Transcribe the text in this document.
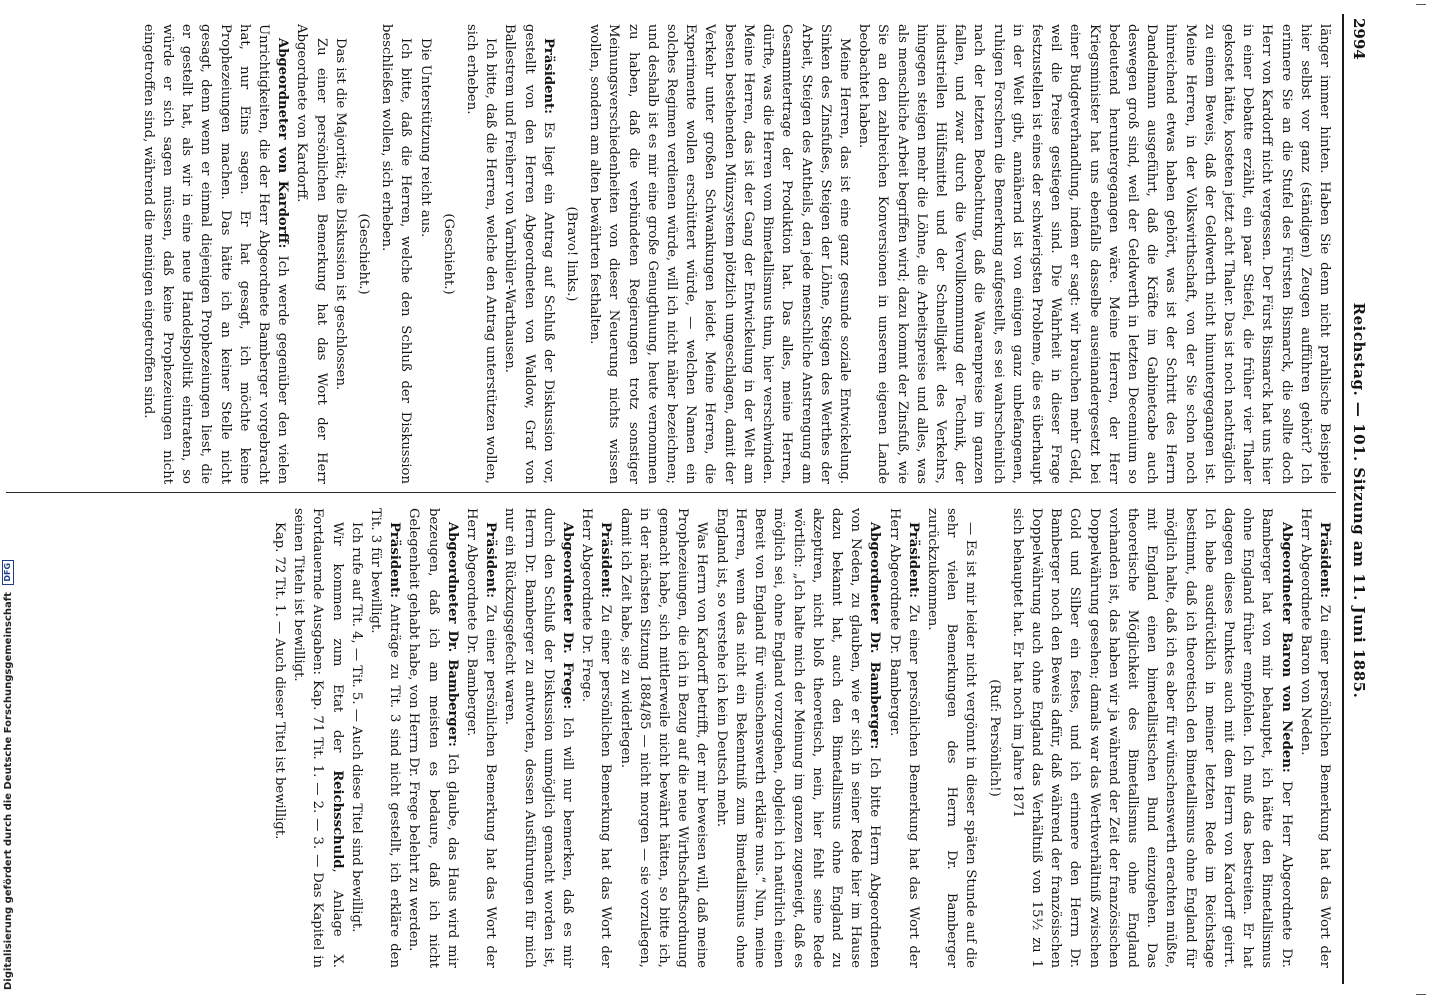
2994
Reichstag. — 101. Sitzung am 11. Juni 1885.

länger immer hinten. Haben Sie denn nicht prahlische Beispiele hier selbst vor ganz (ständigen) Zeugen aufführen gehört? Ich erinnere Sie an die Stufel des Fürsten Bismarck, die sollte doch Herr von Kardorff nicht vergessen. Der Fürst Bismarck hat uns hier in einer Debatte erzählt, ein paar Stiefel, die früher vier Thaler gekostet hätte, kosteten jetzt acht Thaler. Das ist noch nachträglich zu einem Beweis, daß der Geldwerth nicht hinuntergegangen ist. Meine Herren, in der Volkswirthschaft, von der Sie schon noch hinreichend etwas haben gehört, was ist der Schritt des Herrn Dandelmann ausgeführt, daß die Kräfte im Gabinetcabe auch deswegen groß sind, weil der Geldwerth in letzten Decennium so bedeutend heruntergegangen wäre. Meine Herren, der Herr Kriegsminister hat uns ebenfalls dasselbe auseinandergesetzt bei einer Budgetverhandlung, indem er sagt: wir brauchen mehr Geld, weil die Preise gestiegen sind. Die Wahrheit in dieser Frage festzustellen ist eines der schwierigsten Probleme, die es überhaupt in der Welt gibt, annähernd ist von einigen ganz unbefangenen, ruhigen Forschern die Bemerkung aufgestellt, es sei wahrscheinlich nach der letzten Beobachtung, daß die Waarenpreise im ganzen fallen, und zwar durch die Vervollkommnung der Technik, der industriellen Hülfsmittel und der Schnelligkeit des Verkehrs, hingegen steigen mehr die Löhne, die Arbeitspreise und alles, was als menschliche Arbeit begriffen wird; dazu kommt der Zinsfuß, wie Sie an den zahlreichen Konversionen in unserem eigenen Lande beobachtet haben.

Meine Herren, das ist eine ganz gesunde soziale Entwickelung. Sinken des Zinsfußes, Steigen der Löhne, Steigen des Werthes der Arbeit, Steigen des Antheils, den jede menschliche Anstrengung am Gesammtertrage der Produktion hat. Das alles, meine Herren, dürfte, was die Herren vom Bimetallismus thun, hier verschwinden. Meine Herren, das ist der Gang der Entwickelung in der Welt am besten bestehenden Münzsystem plötzlich umgeschlagen, damit der Verkehr unter großen Schwankungen leidet. Meine Herren, die Experimente wollen erschüttert würde, — welchen Namen ein solches Regimen verdienen würde, will ich nicht näher bezeichnen; und deshalb ist es mir eine große Genugthuung, heute vernommen zu haben, daß die verbündeten Regierungen trotz sonstiger Meinungsverschiedenheiten von dieser Neuerung nichts wissen wollen, sondern am alten bewährten festhalten.

(Bravo! links.)

Präsident: Es liegt ein Antrag auf Schluß der Diskussion vor, gestellt von den Herren Abgeordneten von Waldow, Graf von Ballestrem und Freiherr von Varnbüler-Warthausen.

Ich bitte, daß die Herren, welche den Antrag unterstützen wollen, sich erheben.

(Geschieht.)

Die Unterstützung reicht aus.

Ich bitte, daß die Herren, welche den Schluß der Diskussion beschließen wollen, sich erheben.

(Geschieht.)

Das ist die Majorität; die Diskussion ist geschlossen.

Zu einer persönlichen Bemerkung hat das Wort der Herr Abgeordnete von Kardorff.

Abgeordneter von Kardorff: Ich werde gegenüber den vielen Unrichtigkeiten, die der Herr Abgeordnete Bamberger vorgebracht hat, nur Eins sagen. Er hat gesagt, ich möchte keine Prophezeiungen machen. Das hätte ich an keiner Stelle nicht gesagt, denn wenn er einmal diejenigen Prophezeiungen liest, die er gestellt hat, als wir in eine neue Handelspolitik eintraten, so würde er sich sagen müssen, daß keine Prophezeiungen nicht eingetroffen sind, während die meinigen eingetroffen sind.

Präsident: Zu einer persönlichen Bemerkung hat das Wort der Herr Abgeordnete Baron von Neden.

Abgeordneter Baron von Neden: Der Herr Abgeordnete Dr. Bamberger hat von mir behauptet, ich hätte den Bimetallismus ohne England früher empfohlen. Ich muß das bestreiten. Er hat dagegen dieses Punktes auch mit dem Herrn von Kardorff geirrt. Ich habe ausdrücklich in meiner letzten Rede im Reichstage bestimmt, daß ich theoretisch den Bimetallismus ohne England für möglich halte, daß ich es aber für wünschenswerth erachten müßte, mit England einen bimetallistischen Bund einzugehen. Das theoretische Möglichkeit des Bimetallismus ohne England vorhanden ist, das haben wir ja während der Zeit der französischen Doppelwährung gesehen; damals war das Werthverhältniß zwischen Gold und Silber ein festes, und ich erinnere den Herrn Dr. Bamberger noch den Beweis dafür, daß während der französischen Doppelwährung auch ohne England das Verhältniß von 15½ zu 1 sich behauptet hat. Er hat noch im Jahre 1871

(Ruf: Persönlich!)

— Es ist mir leider nicht vergönnt in dieser späten Stunde auf die sehr vielen Bemerkungen des Herrn Dr. Bamberger zurückzukommen.

Präsident: Zu einer persönlichen Bemerkung hat das Wort der Herr Abgeordnete Dr. Bamberger.

Abgeordneter Dr. Bamberger: Ich bitte Herrn Abgeordneten von Neden, zu glauben, wie er sich in seiner Rede hier im Hause dazu bekannt hat, auch den Bimetallismus ohne England zu akzeptiren, nicht bloß theoretisch, nein, hier fehlt seine Rede wörtlich: „Ich halte mich der Meinung im ganzen zugeneigt, daß es möglich sei, ohne England vorzugehen, obgleich ich natürlich einen Bereit von England für wünschenswerth erkläre mus.“ Nun, meine Herren, wenn das nicht ein Bekenntniß zum Bimetallismus ohne England ist, so verstehe ich kein Deutsch mehr.

Was Herrn von Kardorff betrifft, der mir beweisen will, daß meine Prophezeiungen, die ich in Bezug auf die neue Wirthschaftsordnung gemacht habe, sich mittlerweile nicht bewährt hätten, so bitte ich, in der nächsten Sitzung 1884/85 — nicht morgen — sie vorzulegen, damit ich Zeit habe, sie zu widerlegen.

Präsident: Zu einer persönlichen Bemerkung hat das Wort der Herr Abgeordnete Dr. Frege.

Abgeordneter Dr. Frege: Ich will nur bemerken, daß es mir durch den Schluß der Diskussion unmöglich gemacht worden ist, Herrn Dr. Bamberger zu antworten, dessen Ausführungen für mich nur ein Rückzugsgefecht waren.

Präsident: Zu einer persönlichen Bemerkung hat das Wort der Herr Abgeordnete Dr. Bamberger.

Abgeordneter Dr. Bamberger: Ich glaube, das Haus wird mir bezeugen, daß ich am meisten es bedaure, daß ich nicht Gelegenheit gehabt habe, von Herrn Dr. Frege belehrt zu werden.

Präsident: Anträge zu Tit. 3 sind nicht gestellt, ich erkläre den Tit. 3 für bewilligt.

Ich rufe auf Tit. 4, — Tit. 5. — Auch diese Titel sind bewilligt.

Wir kommen zum Etat der Reichsschuld, Anlage X. Fortdauernde Ausgaben: Kap. 71 Tit. 1. — 2. — 3. — Das Kapitel in seinen Titeln ist bewilligt.

Kap. 72 Tit. 1. — Auch dieser Titel ist bewilligt.

Digitalisierung gefördert durch die Deutsche Forschungsgemeinschaft DFG
